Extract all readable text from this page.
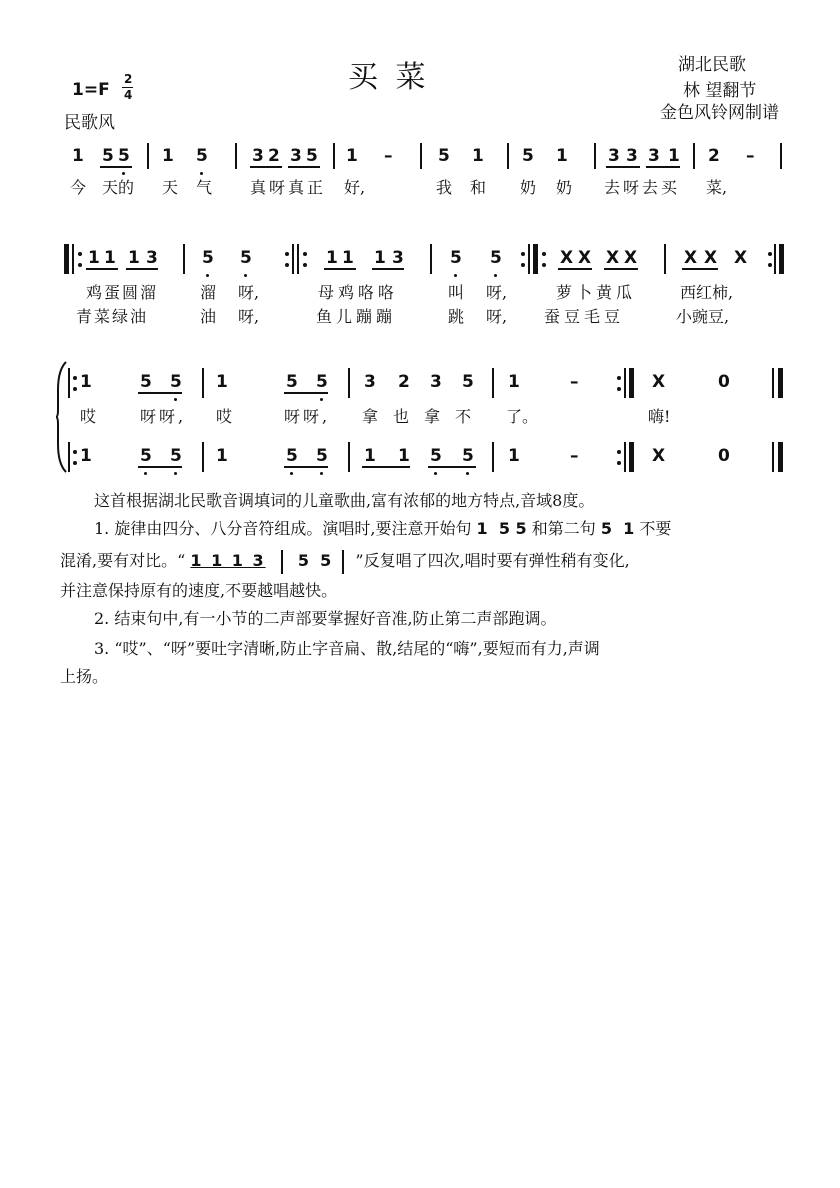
买 菜	湖北民歌
林 望翻节
金色风铃网制谱
1=F
2
4
民歌风
1 5 5 1 5	3 2 3 5 1 –	5 1 5 1 3 3 3 1 2 –
今 天的 天 气 真呀真正 好,	我 和 奶 奶 去呀去买 菜,
1 1 1 3	5 5	1 1 1 3	5 5	X X X X	X X X
鸡蛋圆溜	溜 呀,	母鸡咯咯	叫 呀,	萝卜黄瓜	西红柿,
青菜绿油	油 呀,	鱼儿蹦蹦	跳 呀, 蚕豆毛豆	小豌豆,
1	5 5 1	5 5 3 2 3 5 1	–	X	0
哎	呀呀, 哎	呀呀, 拿也拿不 了。	嗨!
1	5 5 1	5 5 1 1 5 5 1	–	X	0
这首根据湖北民歌音调填词的儿童歌曲,富有浓郁的地方特点,音域8度。
1. 旋律由四分、八分音符组成。演唱时,要注意开始句 1  5 5 和第二句 5  1 不要
混淆,要有对比。“ 1 1 1 3 5  5 ”反复唱了四次,唱时要有弹性稍有变化,
并注意保持原有的速度,不要越唱越快。
2. 结束句中,有一小节的二声部要掌握好音准,防止第二声部跑调。
3. “哎”、“呀”要吐字清晰,防止字音扁、散,结尾的“嗨”,要短而有力,声调
上扬。
